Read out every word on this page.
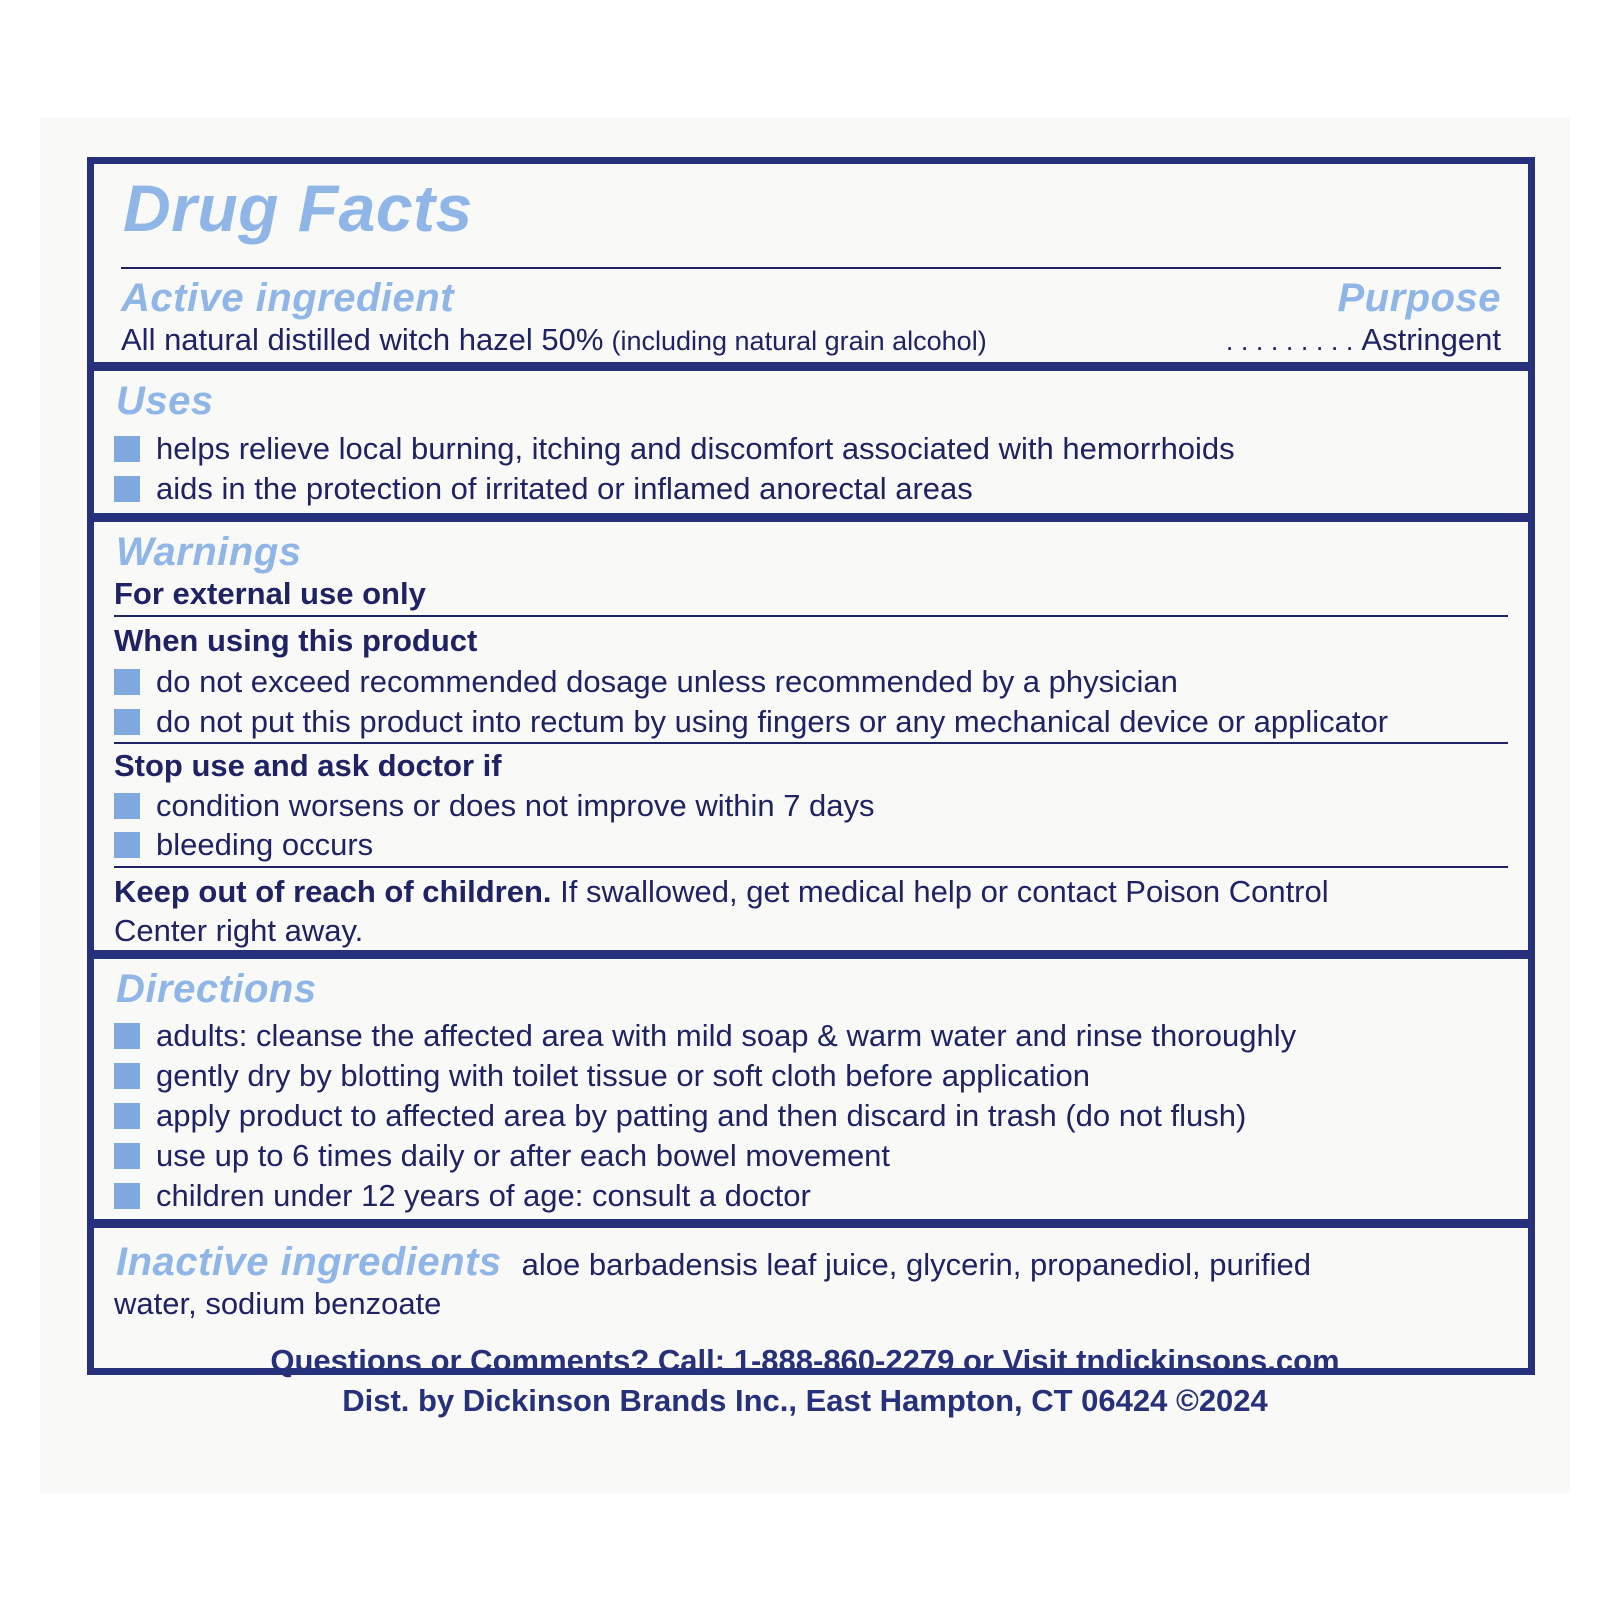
Drug Facts
Active ingredient	Purpose
All natural distilled witch hazel 50% (including natural grain alcohol)	. . . . . . . . . Astringent
Uses
helps relieve local burning, itching and discomfort associated with hemorrhoids
aids in the protection of irritated or inflamed anorectal areas
Warnings
For external use only
When using this product
do not exceed recommended dosage unless recommended by a physician
do not put this product into rectum by using fingers or any mechanical device or applicator
Stop use and ask doctor if
condition worsens or does not improve within 7 days
bleeding occurs
Keep out of reach of children. If swallowed, get medical help or contact Poison Control
Center right away.
Directions
adults: cleanse the affected area with mild soap & warm water and rinse thoroughly
gently dry by blotting with toilet tissue or soft cloth before application
apply product to affected area by patting and then discard in trash (do not flush)
use up to 6 times daily or after each bowel movement
children under 12 years of age: consult a doctor
Inactive ingredients aloe barbadensis leaf juice, glycerin, propanediol, purified
water, sodium benzoate
Questions or Comments? Call: 1-888-860-2279 or Visit tndickinsons.com
Dist. by Dickinson Brands Inc., East Hampton, CT 06424 ©2024
